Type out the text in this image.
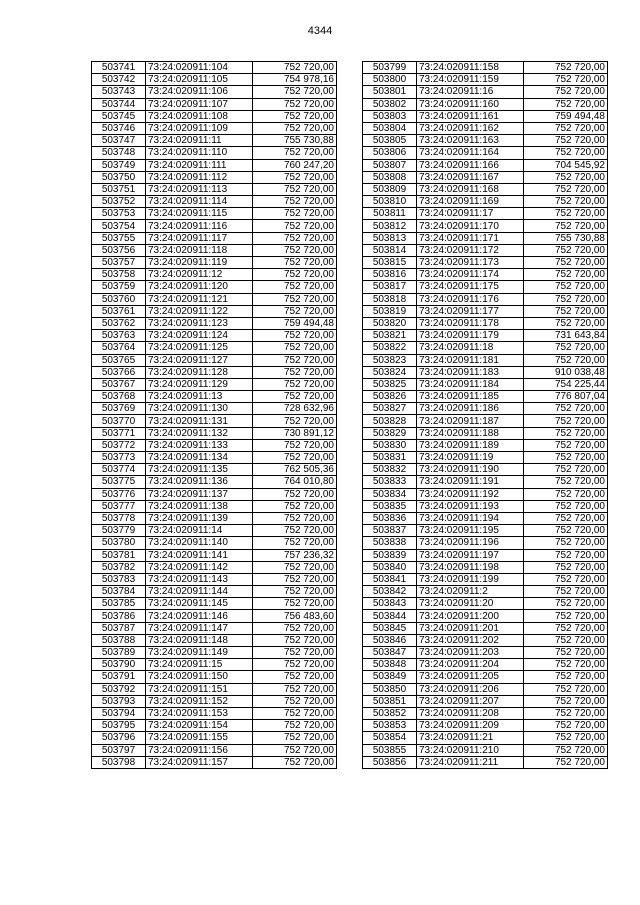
4344
503741	73:24:020911:104	752 720,00
503742	73:24:020911:105	754 978,16
503743	73:24:020911:106	752 720,00
503744	73:24:020911:107	752 720,00
503745	73:24:020911:108	752 720,00
503746	73:24:020911:109	752 720,00
503747	73:24:020911:11	755 730,88
503748	73:24:020911:110	752 720,00
503749	73:24:020911:111	760 247,20
503750	73:24:020911:112	752 720,00
503751	73:24:020911:113	752 720,00
503752	73:24:020911:114	752 720,00
503753	73:24:020911:115	752 720,00
503754	73:24:020911:116	752 720,00
503755	73:24:020911:117	752 720,00
503756	73:24:020911:118	752 720,00
503757	73:24:020911:119	752 720,00
503758	73:24:020911:12	752 720,00
503759	73:24:020911:120	752 720,00
503760	73:24:020911:121	752 720,00
503761	73:24:020911:122	752 720,00
503762	73:24:020911:123	759 494,48
503763	73:24:020911:124	752 720,00
503764	73:24:020911:125	752 720,00
503765	73:24:020911:127	752 720,00
503766	73:24:020911:128	752 720,00
503767	73:24:020911:129	752 720,00
503768	73:24:020911:13	752 720,00
503769	73:24:020911:130	728 632,96
503770	73:24:020911:131	752 720,00
503771	73:24:020911:132	730 891,12
503772	73:24:020911:133	752 720,00
503773	73:24:020911:134	752 720,00
503774	73:24:020911:135	762 505,36
503775	73:24:020911:136	764 010,80
503776	73:24:020911:137	752 720,00
503777	73:24:020911:138	752 720,00
503778	73:24:020911:139	752 720,00
503779	73:24:020911:14	752 720,00
503780	73:24:020911:140	752 720,00
503781	73:24:020911:141	757 236,32
503782	73:24:020911:142	752 720,00
503783	73:24:020911:143	752 720,00
503784	73:24:020911:144	752 720,00
503785	73:24:020911:145	752 720,00
503786	73:24:020911:146	756 483,60
503787	73:24:020911:147	752 720,00
503788	73:24:020911:148	752 720,00
503789	73:24:020911:149	752 720,00
503790	73:24:020911:15	752 720,00
503791	73:24:020911:150	752 720,00
503792	73:24:020911:151	752 720,00
503793	73:24:020911:152	752 720,00
503794	73:24:020911:153	752 720,00
503795	73:24:020911:154	752 720,00
503796	73:24:020911:155	752 720,00
503797	73:24:020911:156	752 720,00
503798	73:24:020911:157	752 720,00
503799	73:24:020911:158	752 720,00
503800	73:24:020911:159	752 720,00
503801	73:24:020911:16	752 720,00
503802	73:24:020911:160	752 720,00
503803	73:24:020911:161	759 494,48
503804	73:24:020911:162	752 720,00
503805	73:24:020911:163	752 720,00
503806	73:24:020911:164	752 720,00
503807	73:24:020911:166	704 545,92
503808	73:24:020911:167	752 720,00
503809	73:24:020911:168	752 720,00
503810	73:24:020911:169	752 720,00
503811	73:24:020911:17	752 720,00
503812	73:24:020911:170	752 720,00
503813	73:24:020911:171	755 730,88
503814	73:24:020911:172	752 720,00
503815	73:24:020911:173	752 720,00
503816	73:24:020911:174	752 720,00
503817	73:24:020911:175	752 720,00
503818	73:24:020911:176	752 720,00
503819	73:24:020911:177	752 720,00
503820	73:24:020911:178	752 720,00
503821	73:24:020911:179	731 643,84
503822	73:24:020911:18	752 720,00
503823	73:24:020911:181	752 720,00
503824	73:24:020911:183	910 038,48
503825	73:24:020911:184	754 225,44
503826	73:24:020911:185	776 807,04
503827	73:24:020911:186	752 720,00
503828	73:24:020911:187	752 720,00
503829	73:24:020911:188	752 720,00
503830	73:24:020911:189	752 720,00
503831	73:24:020911:19	752 720,00
503832	73:24:020911:190	752 720,00
503833	73:24:020911:191	752 720,00
503834	73:24:020911:192	752 720,00
503835	73:24:020911:193	752 720,00
503836	73:24:020911:194	752 720,00
503837	73:24:020911:195	752 720,00
503838	73:24:020911:196	752 720,00
503839	73:24:020911:197	752 720,00
503840	73:24:020911:198	752 720,00
503841	73:24:020911:199	752 720,00
503842	73:24:020911:2	752 720,00
503843	73:24:020911:20	752 720,00
503844	73:24:020911:200	752 720,00
503845	73:24:020911:201	752 720,00
503846	73:24:020911:202	752 720,00
503847	73:24:020911:203	752 720,00
503848	73:24:020911:204	752 720,00
503849	73:24:020911:205	752 720,00
503850	73:24:020911:206	752 720,00
503851	73:24:020911:207	752 720,00
503852	73:24:020911:208	752 720,00
503853	73:24:020911:209	752 720,00
503854	73:24:020911:21	752 720,00
503855	73:24:020911:210	752 720,00
503856	73:24:020911:211	752 720,00
